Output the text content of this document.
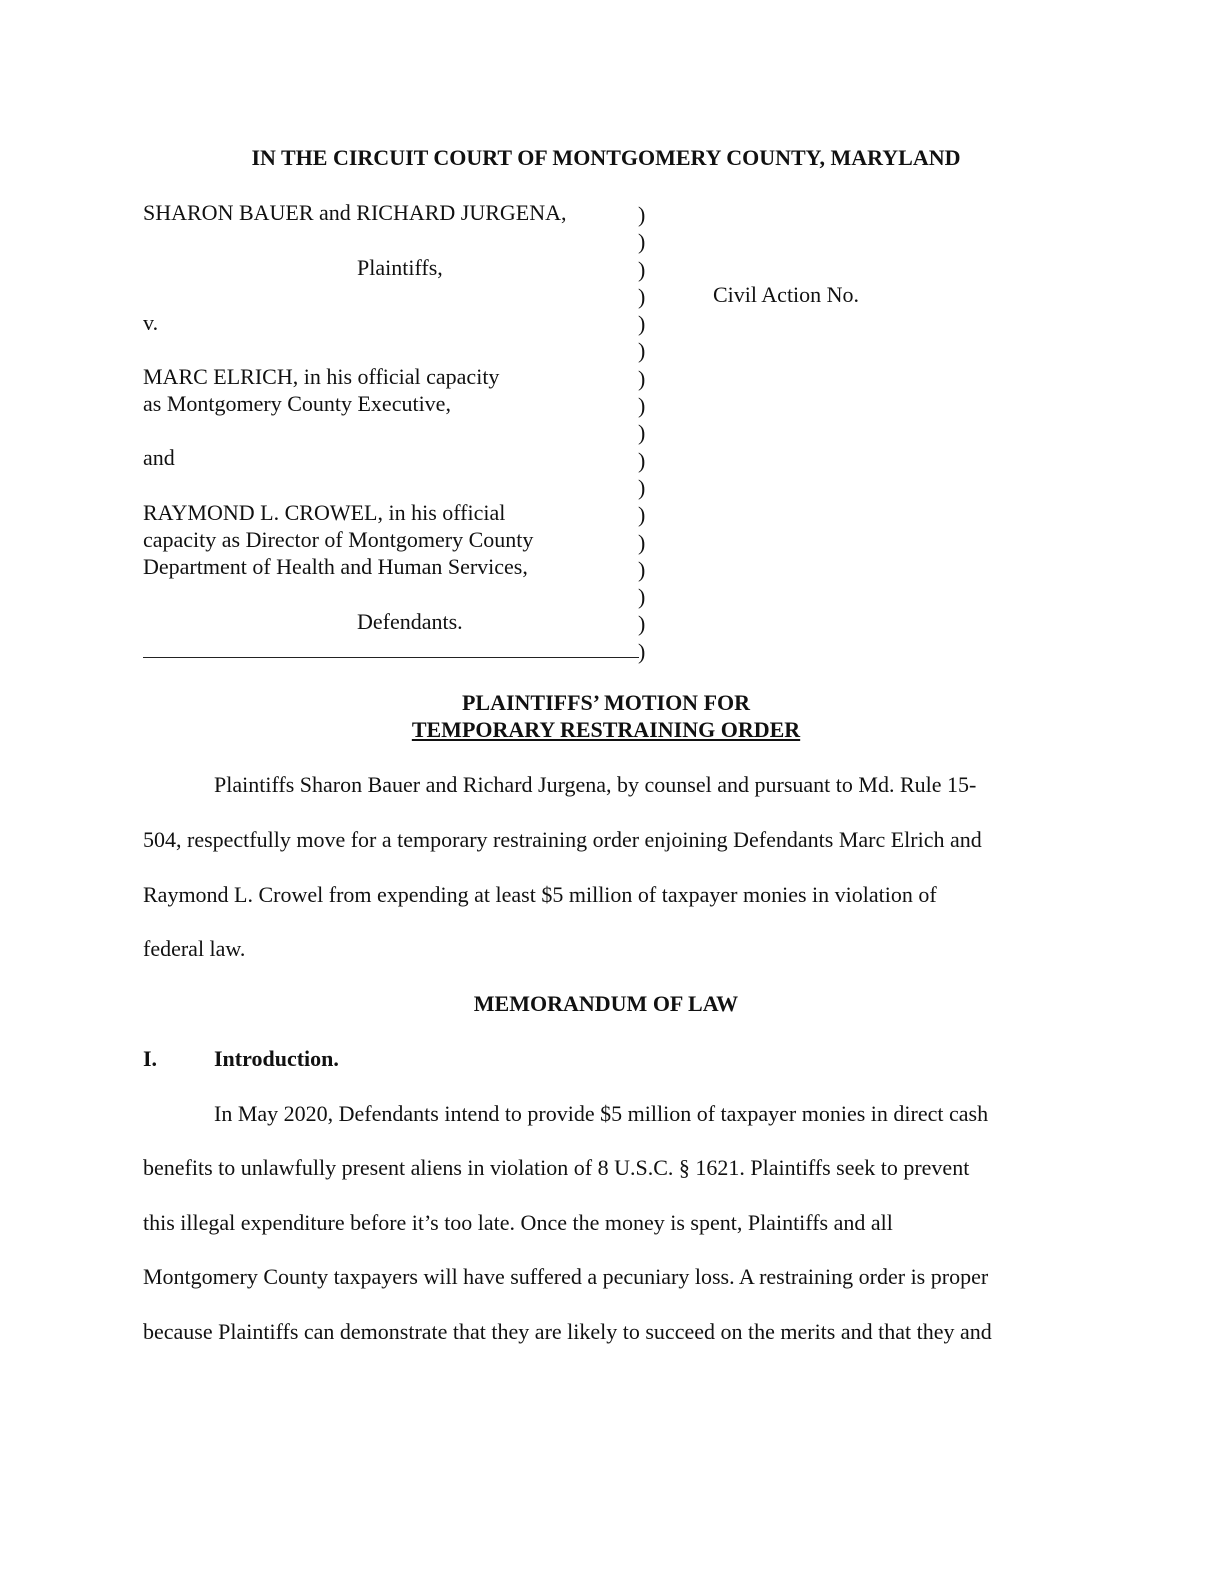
IN THE CIRCUIT COURT OF MONTGOMERY COUNTY, MARYLAND
SHARON BAUER and RICHARD JURGENA,
Plaintiffs,
v.
MARC ELRICH, in his official capacity
as Montgomery County Executive,
and
RAYMOND L. CROWEL, in his official
capacity as Director of Montgomery County
Department of Health and Human Services,
Defendants.
)
)
)
)
)
)
)
)
)
)
)
)
)
)
)
)
)
Civil Action No.
PLAINTIFFS’ MOTION FOR
TEMPORARY RESTRAINING ORDER
Plaintiffs Sharon Bauer and Richard Jurgena, by counsel and pursuant to Md. Rule 15-
504, respectfully move for a temporary restraining order enjoining Defendants Marc Elrich and
Raymond L. Crowel from expending at least $5 million of taxpayer monies in violation of
federal law.
MEMORANDUM OF LAW
I.	Introduction.
In May 2020, Defendants intend to provide $5 million of taxpayer monies in direct cash
benefits to unlawfully present aliens in violation of 8 U.S.C. § 1621. Plaintiffs seek to prevent
this illegal expenditure before it’s too late. Once the money is spent, Plaintiffs and all
Montgomery County taxpayers will have suffered a pecuniary loss. A restraining order is proper
because Plaintiffs can demonstrate that they are likely to succeed on the merits and that they and
